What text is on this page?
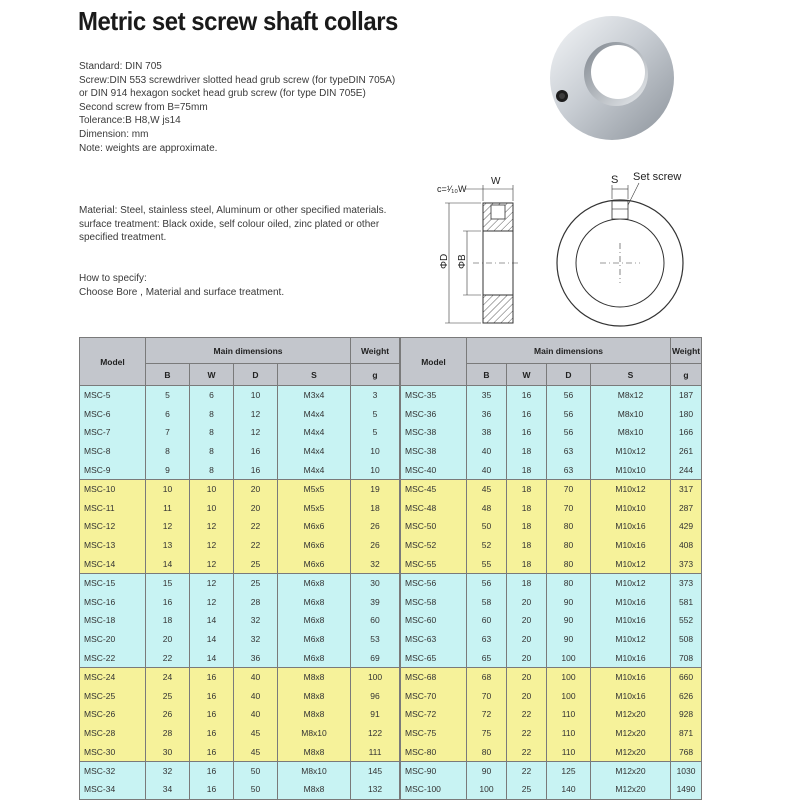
Metric set screw shaft collars
Standard: DIN 705
Screw:DIN 553 screwdriver slotted head grub screw (for typeDIN 705A) or DIN 914 hexagon socket head grub screw (for type DIN 705E)
Second screw from B=75mm
Tolerance:B H8,W js14
Dimension: mm
Note: weights are approximate.
Material: Steel, stainless steel, Aluminum or other specified materials.
surface treatment: Black oxide, self colour oiled, zinc plated or other specified treatment.
How to specify:
Choose Bore , Material and surface treatment.
c=¹⁄₁₀W
W
ΦD ΦB
S Set screw
Model	Main dimensions				Weight
	B	W	D	S	g
MSC-5	5	6	10	M3x4	3
MSC-6	6	8	12	M4x4	5
MSC-7	7	8	12	M4x4	5
MSC-8	8	8	16	M4x4	10
MSC-9	9	8	16	M4x4	10
MSC-10	10	10	20	M5x5	19
MSC-11	11	10	20	M5x5	18
MSC-12	12	12	22	M6x6	26
MSC-13	13	12	22	M6x6	26
MSC-14	14	12	25	M6x6	32
MSC-15	15	12	25	M6x8	30
MSC-16	16	12	28	M6x8	39
MSC-18	18	14	32	M6x8	60
MSC-20	20	14	32	M6x8	53
MSC-22	22	14	36	M6x8	69
MSC-24	24	16	40	M8x8	100
MSC-25	25	16	40	M8x8	96
MSC-26	26	16	40	M8x8	91
MSC-28	28	16	45	M8x10	122
MSC-30	30	16	45	M8x8	111
MSC-32	32	16	50	M8x10	145
MSC-34	34	16	50	M8x8	132
Model	Main dimensions				Weight
	B	W	D	S	g
MSC-35	35	16	56	M8x12	187
MSC-36	36	16	56	M8x10	180
MSC-38	38	16	56	M8x10	166
MSC-38	40	18	63	M10x12	261
MSC-40	40	18	63	M10x10	244
MSC-45	45	18	70	M10x12	317
MSC-48	48	18	70	M10x10	287
MSC-50	50	18	80	M10x16	429
MSC-52	52	18	80	M10x16	408
MSC-55	55	18	80	M10x12	373
MSC-56	56	18	80	M10x12	373
MSC-58	58	20	90	M10x16	581
MSC-60	60	20	90	M10x16	552
MSC-63	63	20	90	M10x12	508
MSC-65	65	20	100	M10x16	708
MSC-68	68	20	100	M10x16	660
MSC-70	70	20	100	M10x16	626
MSC-72	72	22	110	M12x20	928
MSC-75	75	22	110	M12x20	871
MSC-80	80	22	110	M12x20	768
MSC-90	90	22	125	M12x20	1030
MSC-100	100	25	140	M12x20	1490
